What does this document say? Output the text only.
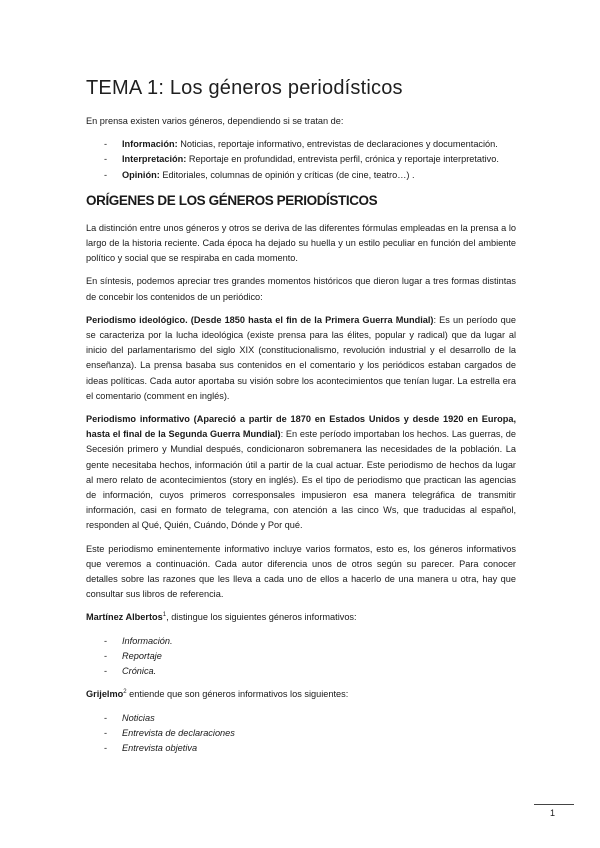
TEMA 1: Los géneros periodísticos

En prensa existen varios géneros, dependiendo si se tratan de:

- Información: Noticias, reportaje informativo, entrevistas de declaraciones y documentación.
- Interpretación: Reportaje en profundidad, entrevista perfil, crónica y reportaje interpretativo.
- Opinión: Editoriales, columnas de opinión y críticas (de cine, teatro…) .
ORÍGENES DE LOS GÉNEROS PERIODÍSTICOS

La distinción entre unos géneros y otros se deriva de las diferentes fórmulas empleadas en la prensa a lo largo de la historia reciente. Cada época ha dejado su huella y un estilo peculiar en función del ambiente político y social que se respiraba en cada momento.

En síntesis, podemos apreciar tres grandes momentos históricos que dieron lugar a tres formas distintas de concebir los contenidos de un periódico:

Periodismo ideológico. (Desde 1850 hasta el fin de la Primera Guerra Mundial): Es un período que se caracteriza por la lucha ideológica (existe prensa para las élites, popular y radical) que da lugar al inicio del parlamentarismo del siglo XIX (constitucionalismo, revolución industrial y el desarrollo de la enseñanza). La prensa basaba sus contenidos en el comentario y los periódicos estaban cargados de ideas políticas. Cada autor aportaba su visión sobre los acontecimientos que tenían lugar. La estrella era el comentario (comment en inglés).

Periodismo informativo (Apareció a partir de 1870 en Estados Unidos y desde 1920 en Europa, hasta el final de la Segunda Guerra Mundial): En este período importaban los hechos. Las guerras, de Secesión primero y Mundial después, condicionaron sobremanera las necesidades de la población. La gente necesitaba hechos, información útil a partir de la cual actuar. Este periodismo de hechos da lugar al mero relato de acontecimientos (story en inglés). Es el tipo de periodismo que practican las agencias de información, cuyos primeros corresponsales impusieron esa manera telegráfica de transmitir información, casi en formato de telegrama, con atención a las cinco Ws, que traducidas al español, responden al Qué, Quién, Cuándo, Dónde y Por qué.

Este periodismo eminentemente informativo incluye varios formatos, esto es, los géneros informativos que veremos a continuación. Cada autor diferencia unos de otros según su parecer. Para conocer detalles sobre las razones que les lleva a cada uno de ellos a hacerlo de una manera u otra, hay que consultar sus libros de referencia.

Martínez Albertos$^1$, distingue los siguientes géneros informativos:

- Información.
- Reportaje
- Crónica.

Grijelmo$^2$ entiende que son géneros informativos los siguientes:

- Noticias
- Entrevista de declaraciones
- Entrevista objetiva
1
